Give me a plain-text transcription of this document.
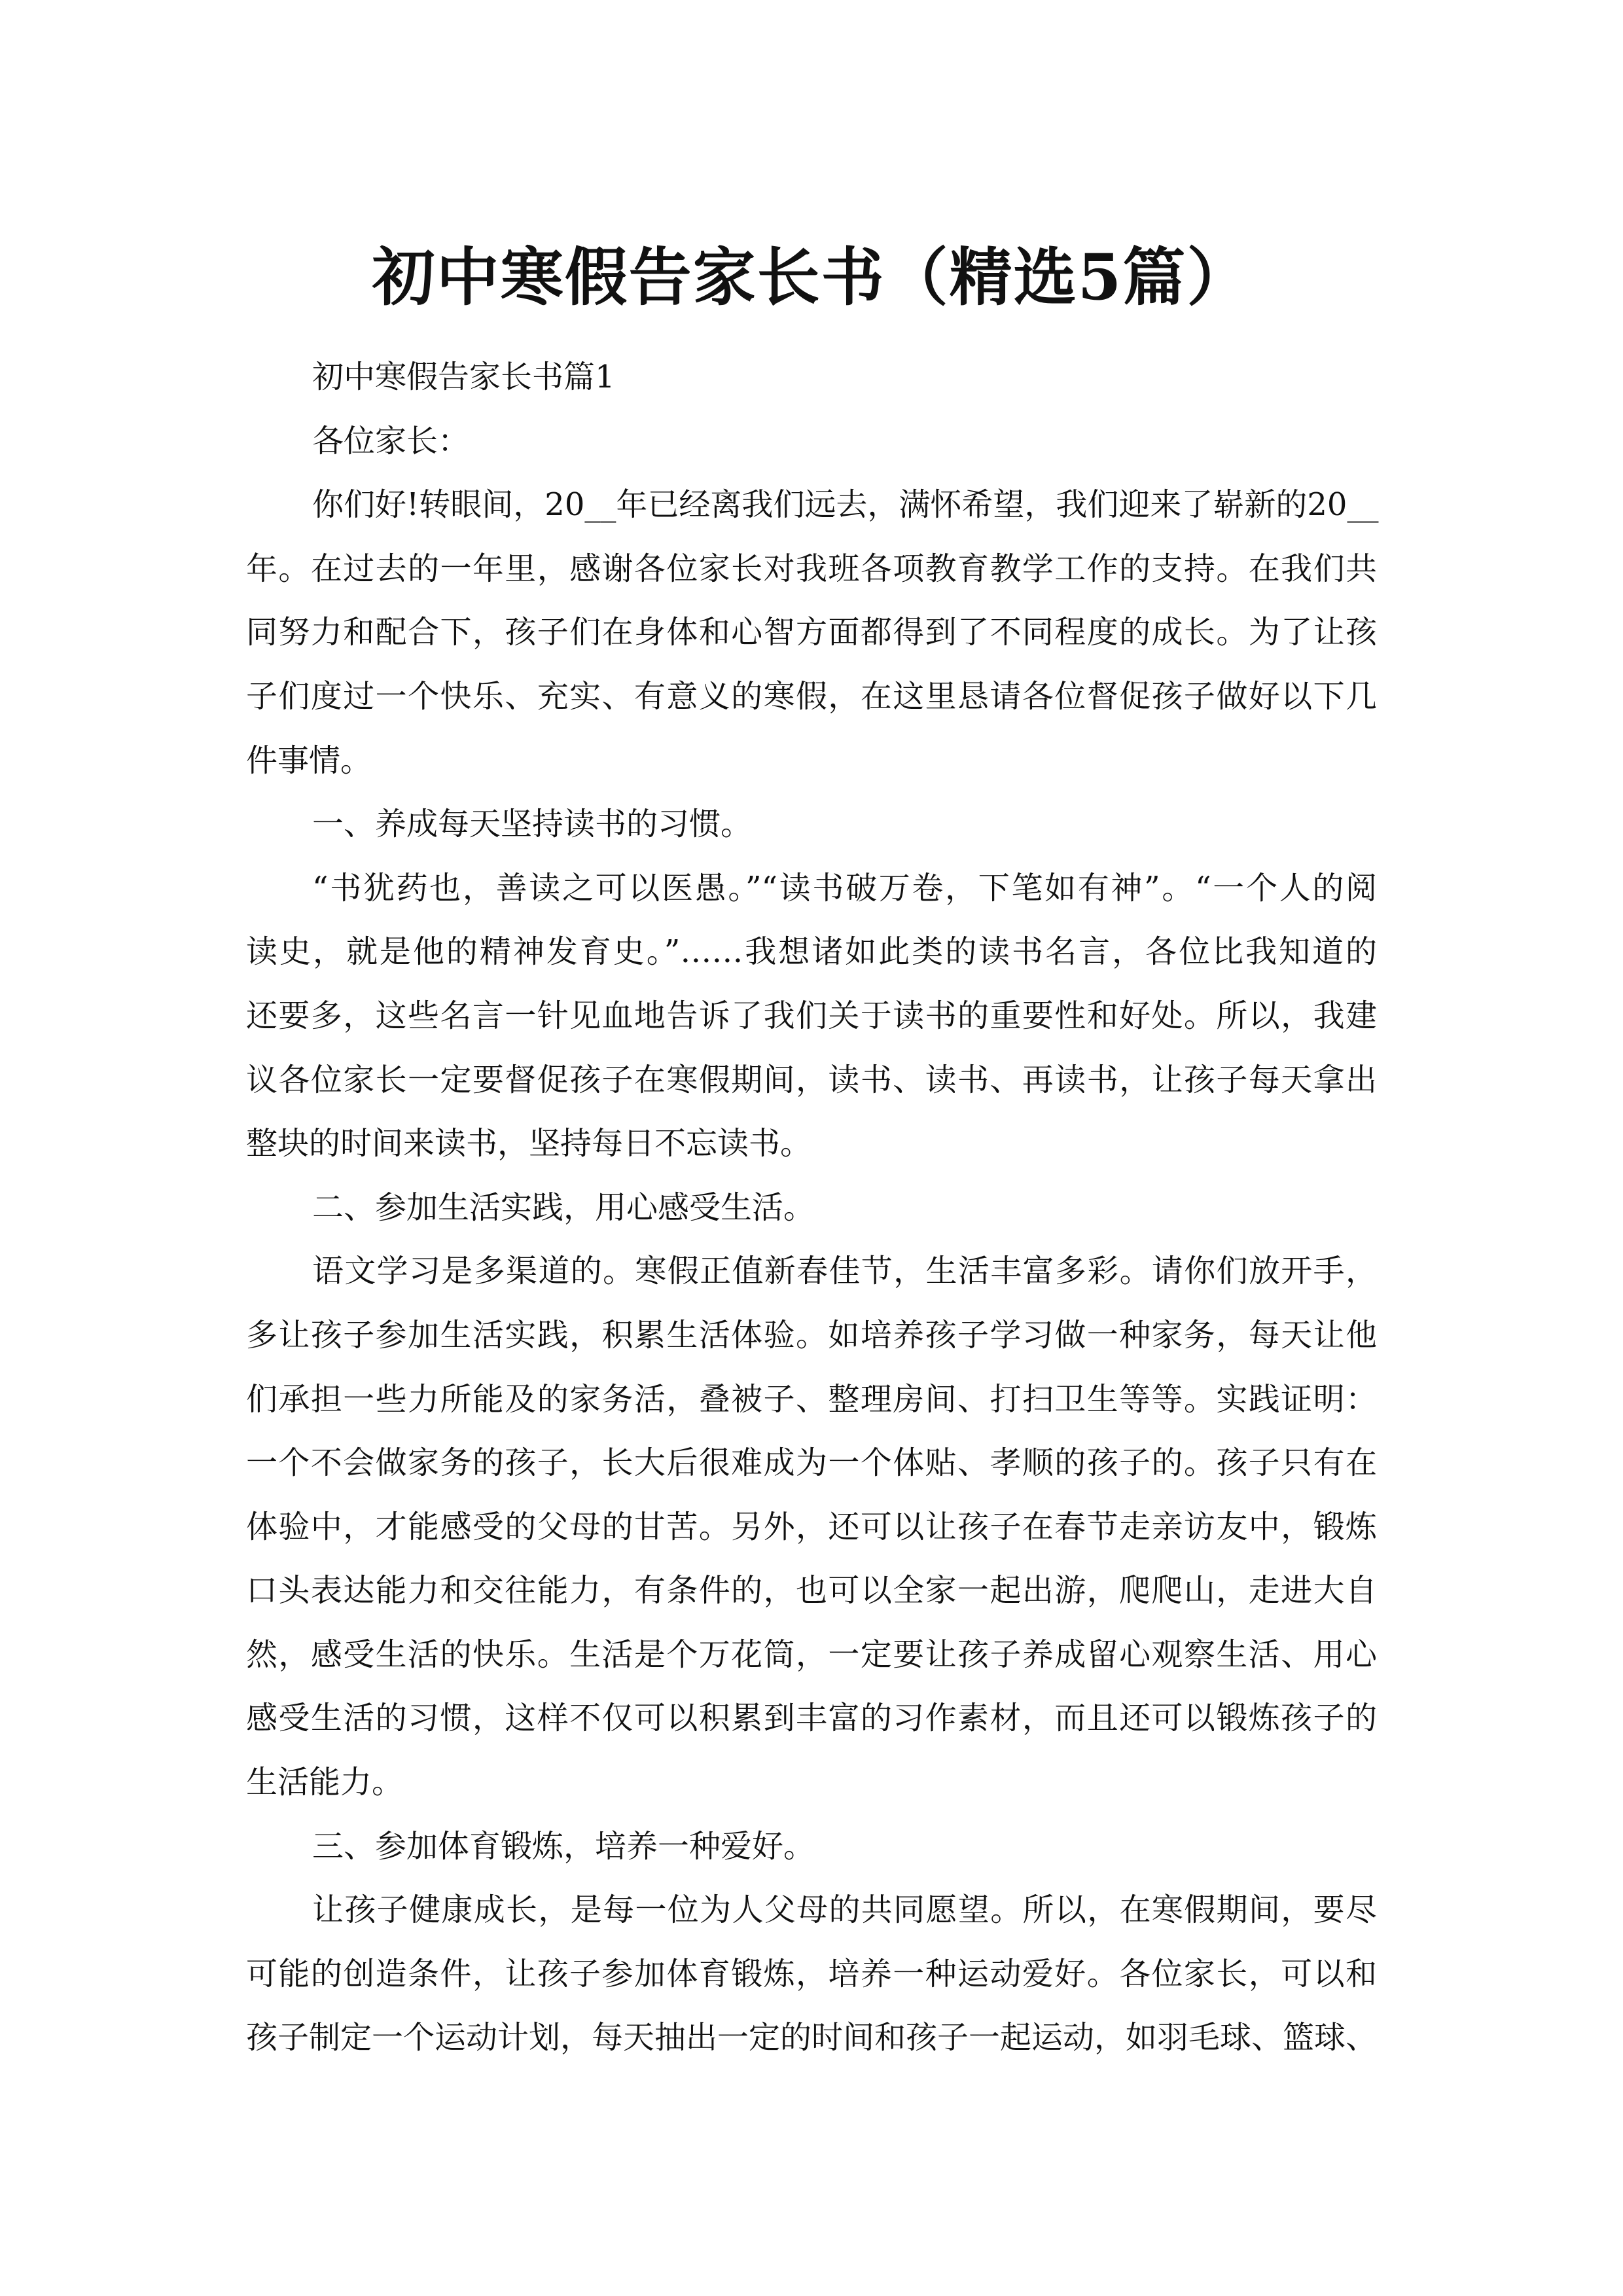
初中寒假告家长书（精选5篇）
初中寒假告家长书篇1
各位家长：
你们好!转眼间，20__年已经离我们远去，满怀希望，我们迎来了崭新的20__
年。在过去的一年里，感谢各位家长对我班各项教育教学工作的支持。在我们共
同努力和配合下，孩子们在身体和心智方面都得到了不同程度的成长。为了让孩
子们度过一个快乐、充实、有意义的寒假，在这里恳请各位督促孩子做好以下几
件事情。
一、养成每天坚持读书的习惯。
“书犹药也，善读之可以医愚。”“读书破万卷，下笔如有神”。“一个人的阅
读史，就是他的精神发育史。”……我想诸如此类的读书名言，各位比我知道的
还要多，这些名言一针见血地告诉了我们关于读书的重要性和好处。所以，我建
议各位家长一定要督促孩子在寒假期间，读书、读书、再读书，让孩子每天拿出
整块的时间来读书，坚持每日不忘读书。
二、参加生活实践，用心感受生活。
语文学习是多渠道的。寒假正值新春佳节，生活丰富多彩。请你们放开手，
多让孩子参加生活实践，积累生活体验。如培养孩子学习做一种家务，每天让他
们承担一些力所能及的家务活，叠被子、整理房间、打扫卫生等等。实践证明：
一个不会做家务的孩子，长大后很难成为一个体贴、孝顺的孩子的。孩子只有在
体验中，才能感受的父母的甘苦。另外，还可以让孩子在春节走亲访友中，锻炼
口头表达能力和交往能力，有条件的，也可以全家一起出游，爬爬山，走进大自
然，感受生活的快乐。生活是个万花筒，一定要让孩子养成留心观察生活、用心
感受生活的习惯，这样不仅可以积累到丰富的习作素材，而且还可以锻炼孩子的
生活能力。
三、参加体育锻炼，培养一种爱好。
让孩子健康成长，是每一位为人父母的共同愿望。所以，在寒假期间，要尽
可能的创造条件，让孩子参加体育锻炼，培养一种运动爱好。各位家长，可以和
孩子制定一个运动计划，每天抽出一定的时间和孩子一起运动，如羽毛球、篮球、
